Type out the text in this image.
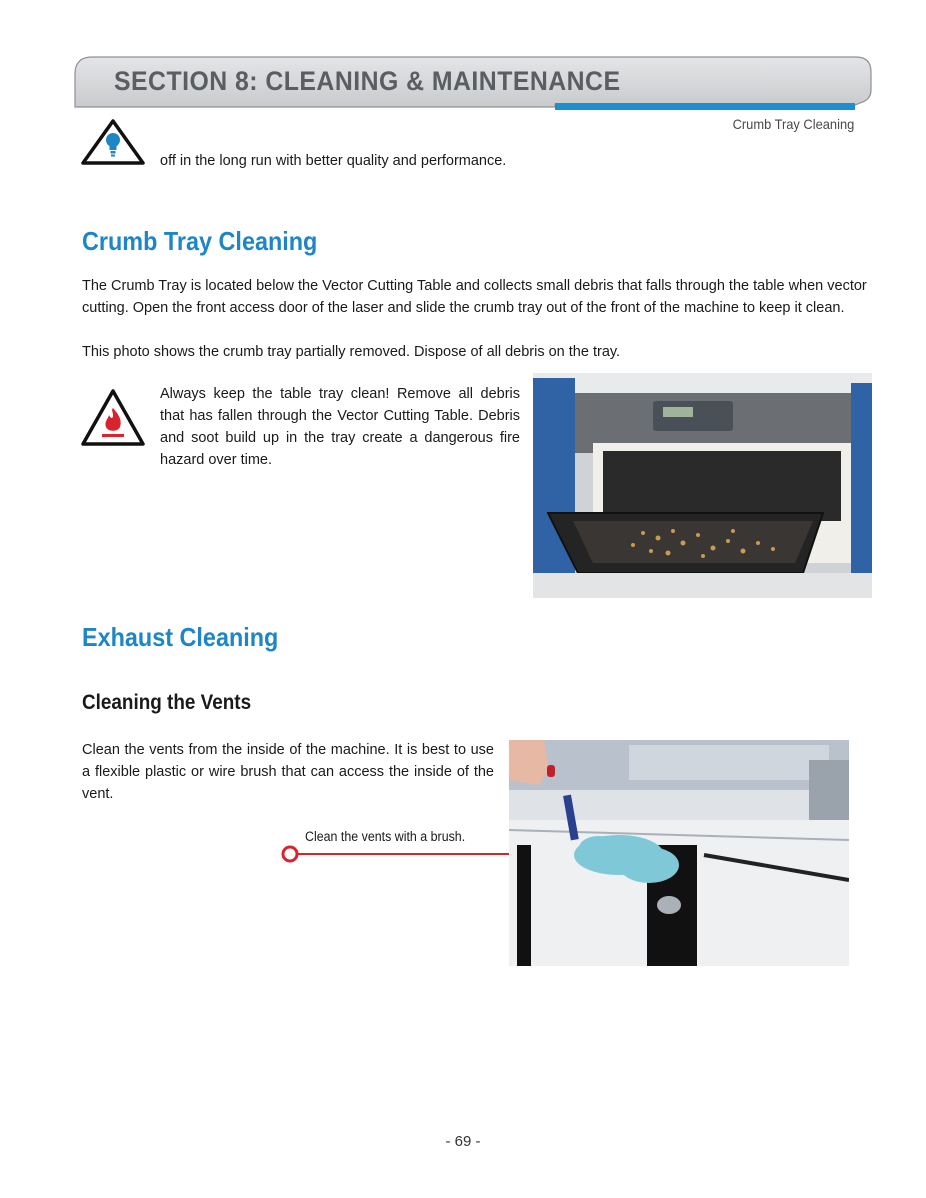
SECTION 8: CLEANING & MAINTENANCE
Crumb Tray Cleaning

off in the long run with better quality and performance.

Crumb Tray Cleaning

The Crumb Tray is located below the Vector Cutting Table and collects small debris that falls through the table when vector cutting. Open the front access door of the laser and slide the crumb tray out of the front of the machine to keep it clean.

This photo shows the crumb tray partially removed. Dispose of all debris on the tray.

Always keep the table tray clean! Remove all debris that has fallen through the Vector Cutting Table. Debris and soot build up in the tray create a dangerous fire hazard over time.

Exhaust Cleaning
Cleaning the Vents

Clean the vents from the inside of the machine. It is best to use a flexible plastic or wire brush that can access the inside of the vent.

Clean the vents with a brush.
- 69 -
